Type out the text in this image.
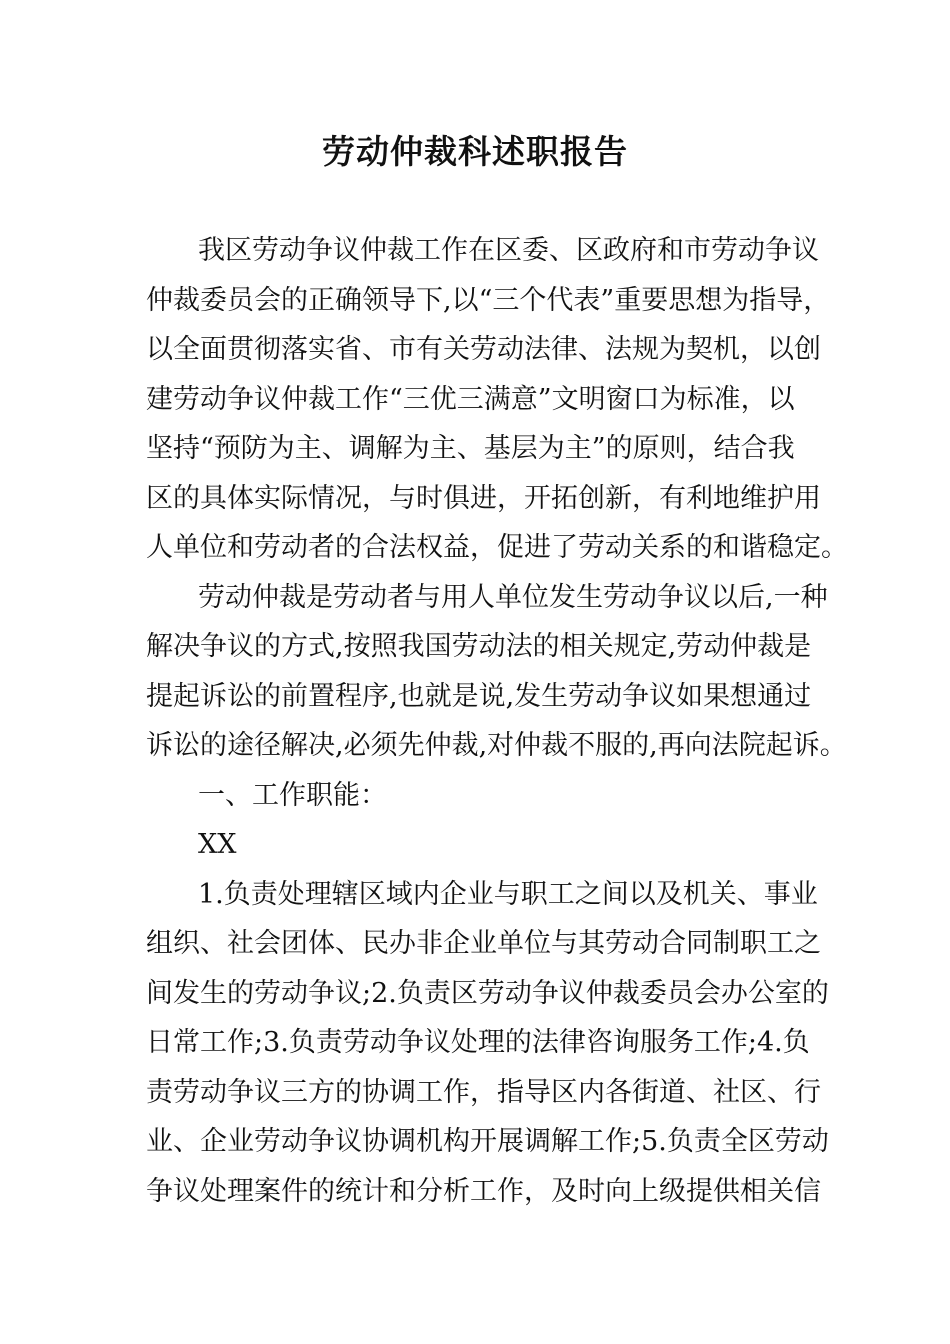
劳动仲裁科述职报告
我区劳动争议仲裁工作在区委、区政府和市劳动争议
仲裁委员会的正确领导下,以“三个代表”重要思想为指导，
以全面贯彻落实省、市有关劳动法律、法规为契机，以创
建劳动争议仲裁工作“三优三满意”文明窗口为标准，以
坚持“预防为主、调解为主、基层为主”的原则，结合我
区的具体实际情况，与时俱进，开拓创新，有利地维护用
人单位和劳动者的合法权益，促进了劳动关系的和谐稳定。
劳动仲裁是劳动者与用人单位发生劳动争议以后,一种
解决争议的方式,按照我国劳动法的相关规定,劳动仲裁是
提起诉讼的前置程序,也就是说,发生劳动争议如果想通过
诉讼的途径解决,必须先仲裁,对仲裁不服的,再向法院起诉。
一、工作职能：
XX
1.负责处理辖区域内企业与职工之间以及机关、事业
组织、社会团体、民办非企业单位与其劳动合同制职工之
间发生的劳动争议;2.负责区劳动争议仲裁委员会办公室的
日常工作;3.负责劳动争议处理的法律咨询服务工作;4.负
责劳动争议三方的协调工作，指导区内各街道、社区、行
业、企业劳动争议协调机构开展调解工作;5.负责全区劳动
争议处理案件的统计和分析工作，及时向上级提供相关信
